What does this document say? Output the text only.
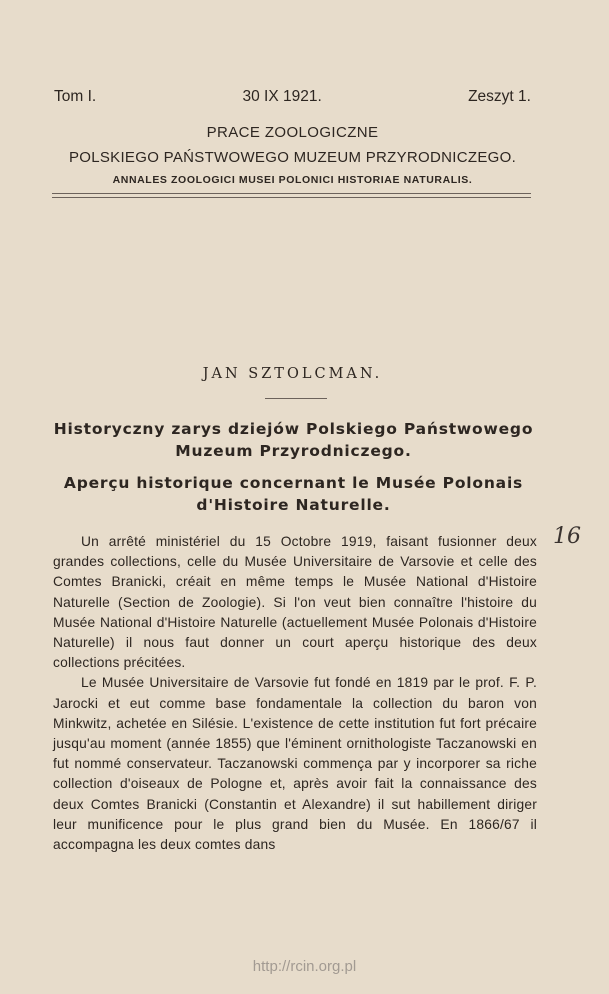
Tom I.	30 IX 1921.	Zeszyt 1.
PRACE ZOOLOGICZNE
POLSKIEGO PAŃSTWOWEGO MUZEUM PRZYRODNICZEGO.
ANNALES ZOOLOGICI MUSEI POLONICI HISTORIAE NATURALIS.
JAN SZTOLCMAN.
Historyczny zarys dziejów Polskiego Państwowego Muzeum Przyrodniczego.
Aperçu historique concernant le Musée Polonais d'Histoire Naturelle.

Un arrêté ministériel du 15 Octobre 1919, faisant fusionner deux grandes collections, celle du Musée Universitaire de Varsovie et celle des Comtes Branicki, créait en même temps le Musée National d'Histoire Naturelle (Section de Zoologie). Si l'on veut bien connaître l'histoire du Musée National d'Histoire Naturelle (actuellement Musée Polonais d'Histoire Naturelle) il nous faut donner un court aperçu historique des deux collections précitées.

Le Musée Universitaire de Varsovie fut fondé en 1819 par le prof. F. P. Jarocki et eut comme base fondamentale la collection du baron von Minkwitz, achetée en Silésie. L'existence de cette institution fut fort précaire jusqu'au moment (année 1855) que l'éminent ornithologiste Taczanowski en fut nommé conservateur. Taczanowski commença par y incorporer sa riche collection d'oiseaux de Pologne et, après avoir fait la connaissance des deux Comtes Branicki (Constantin et Alexandre) il sut habillement diriger leur munificence pour le plus grand bien du Musée. En 1866/67 il accompagna les deux comtes dans

16
http://rcin.org.pl
